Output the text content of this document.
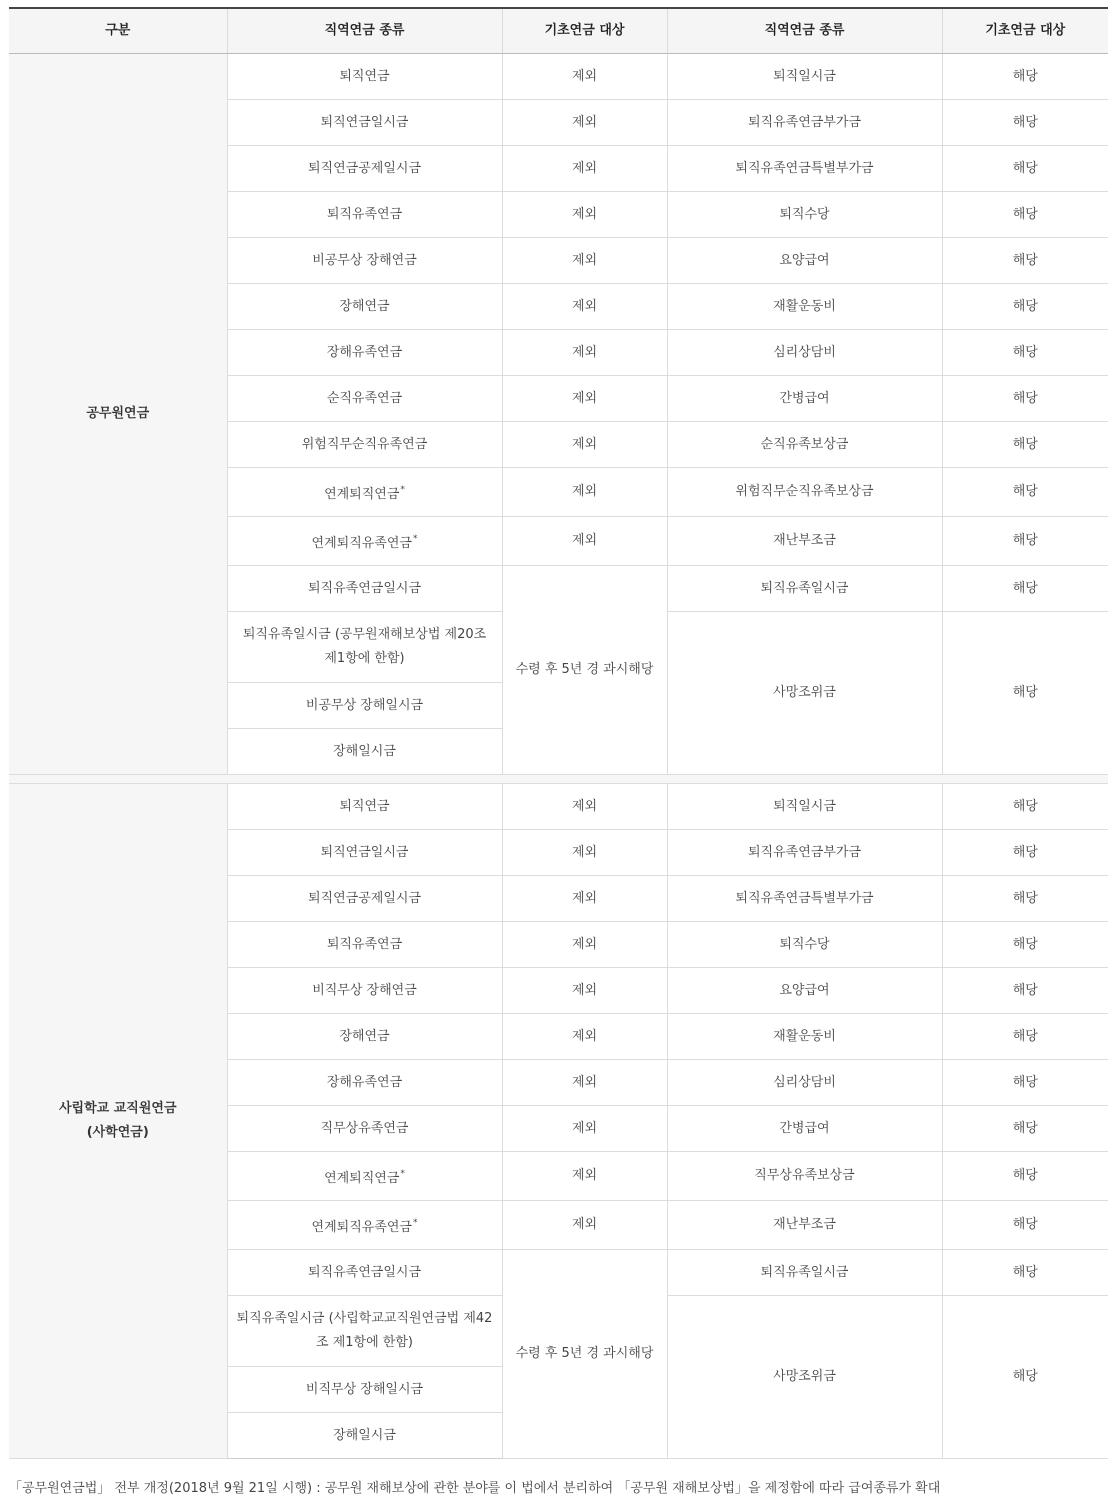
구분	직역연금 종류	기초연금 대상	직역연금 종류	기초연금 대상
공무원연금	퇴직연금	제외	퇴직일시금	해당
	퇴직연금일시금	제외	퇴직유족연금부가금	해당
	퇴직연금공제일시금	제외	퇴직유족연금특별부가금	해당
	퇴직유족연금	제외	퇴직수당	해당
	비공무상 장해연금	제외	요양급여	해당
	장해연금	제외	재활운동비	해당
	장해유족연금	제외	심리상담비	해당
	순직유족연금	제외	간병급여	해당
	위험직무순직유족연금	제외	순직유족보상금	해당
	연계퇴직연금*	제외	위험직무순직유족보상금	해당
	연계퇴직유족연금*	제외	재난부조금	해당
	퇴직유족연금일시금	수령 후 5년 경 과시해당	퇴직유족일시금	해당
	퇴직유족일시금 (공무원재해보상법 제20조 제1항에 한함)		사망조위금	해당
	비공무상 장해일시금			
	장해일시금			

사립학교 교직원연금
(사학연금)	퇴직연금	제외	퇴직일시금	해당
	퇴직연금일시금	제외	퇴직유족연금부가금	해당
	퇴직연금공제일시금	제외	퇴직유족연금특별부가금	해당
	퇴직유족연금	제외	퇴직수당	해당
	비직무상 장해연금	제외	요양급여	해당
	장해연금	제외	재활운동비	해당
	장해유족연금	제외	심리상담비	해당
	직무상유족연금	제외	간병급여	해당
	연계퇴직연금*	제외	직무상유족보상금	해당
	연계퇴직유족연금*	제외	재난부조금	해당
	퇴직유족연금일시금	수령 후 5년 경 과시해당	퇴직유족일시금	해당
	퇴직유족일시금 (사립학교교직원연금법 제42조 제1항에 한함)		사망조위금	해당
	비직무상 장해일시금			
	장해일시금			
「공무원연금법」 전부 개정(2018년 9월 21일 시행) : 공무원 재해보상에 관한 분야를 이 법에서 분리하여 「공무원 재해보상법」을 제정함에 따라 급여종류가 확대
